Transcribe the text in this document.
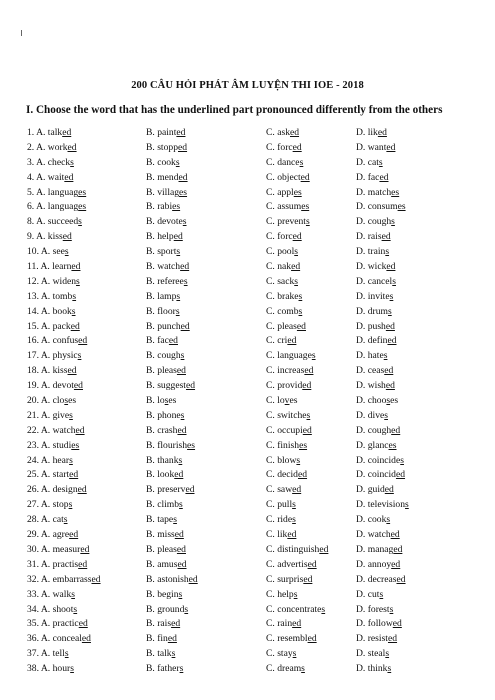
200 CÂU HỎI PHÁT ÂM LUYỆN THI IOE - 2018
I. Choose the word that has the underlined part pronounced differently from the others
1. A. talked	B. painted	C. asked	D. liked
2. A. worked	B. stopped	C. forced	D. wanted
3. A. checks	B. cooks	C. dances	D. cats
4. A. waited	B. mended	C. objected	D. faced
5. A. languages	B. villages	C. apples	D. matches
6. A. languages	B. rabies	C. assumes	D. consumes
8. A. succeeds	B. devotes	C. prevents	D. coughs
9. A. kissed	B. helped	C. forced	D. raised
10. A. sees	B. sports	C. pools	D. trains
11. A. learned	B. watched	C. naked	D. wicked
12. A. widens	B. referees	C. sacks	D. cancels
13. A. tombs	B. lamps	C. brakes	D. invites
14. A. books	B. floors	C. combs	D. drums
15. A. packed	B. punched	C. pleased	D. pushed
16. A. confused	B. faced	C. cried	D. defined
17. A. physics	B. coughs	C. languages	D. hates
18. A. kissed	B. pleased	C. increased	D. ceased
19. A. devoted	B. suggested	C. provided	D. wished
20. A. closes	B. loses	C. loves	D. chooses
21. A. gives	B. phones	C. switches	D. dives
22. A. watched	B. crashed	C. occupied	D. coughed
23. A. studies	B. flourishes	C. finishes	D. glances
24. A. hears	B. thanks	C. blows	D. coincides
25. A. started	B. looked	C. decided	D. coincided
26. A. designed	B. preserved	C. sawed	D. guided
27. A. stops	B. climbs	C. pulls	D. televisions
28. A. cats	B. tapes	C. rides	D. cooks
29. A. agreed	B. missed	C. liked	D. watched
30. A. measured	B. pleased	C. distinguished	D. managed
31. A. practised	B. amused	C. advertised	D. annoyed
32. A. embarrassed	B. astonished	C. surprised	D. decreased
33. A. walks	B. begins	C. helps	D. cuts
34. A. shoots	B. grounds	C. concentrates	D. forests
35. A. practiced	B. raised	C. rained	D. followed
36. A. concealed	B. fined	C. resembled	D. resisted
37. A. tells	B. talks	C. stays	D. steals
38. A. hours	B. fathers	C. dreams	D. thinks
